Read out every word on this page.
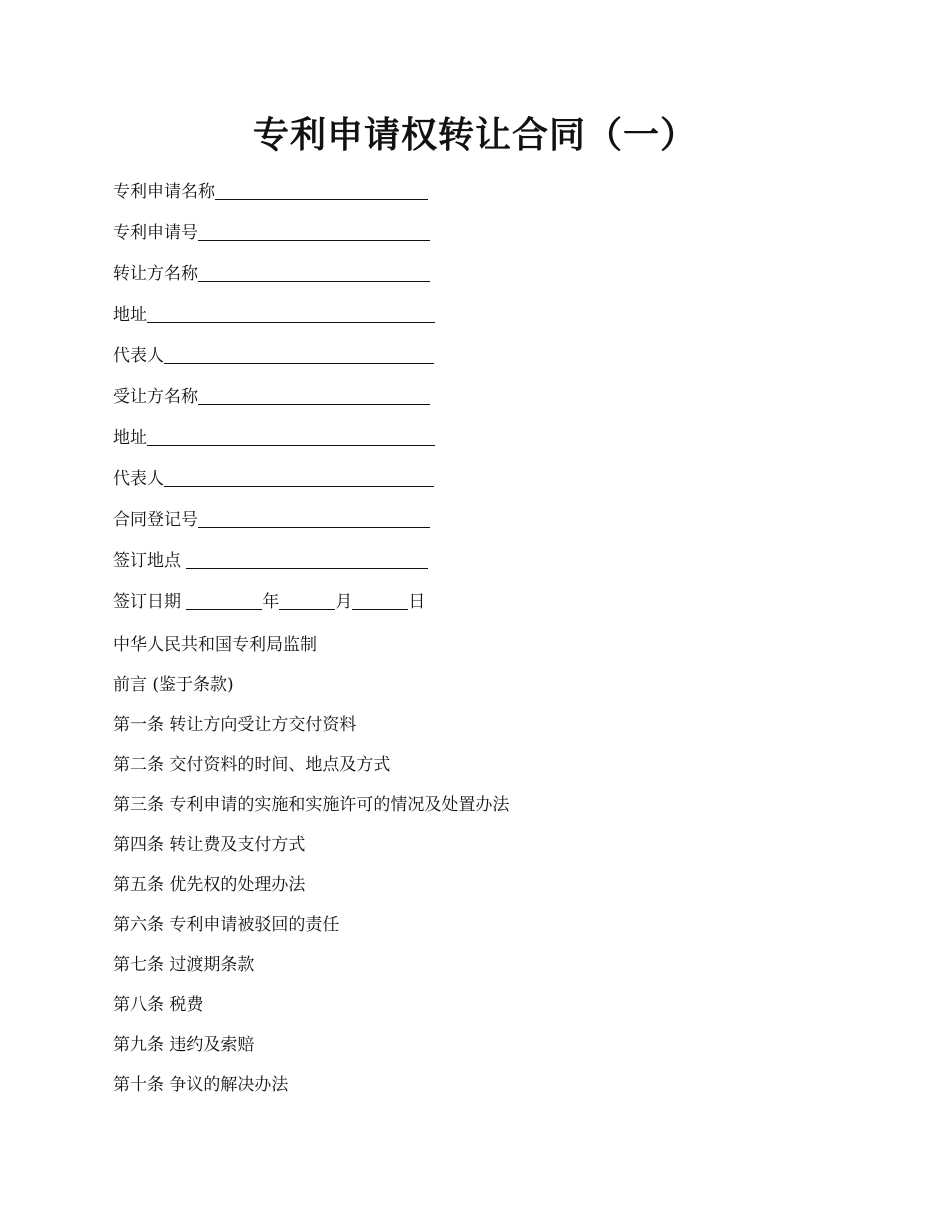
专利申请权转让合同（一）
专利申请名称
专利申请号
转让方名称
地址
代表人
受让方名称
地址
代表人
合同登记号
签订地点
签订日期	年	月	日
中华人民共和国专利局监制
前言 (鉴于条款)
第一条 转让方向受让方交付资料
第二条 交付资料的时间、地点及方式
第三条 专利申请的实施和实施许可的情况及处置办法
第四条 转让费及支付方式
第五条 优先权的处理办法
第六条 专利申请被驳回的责任
第七条 过渡期条款
第八条 税费
第九条 违约及索赔
第十条 争议的解决办法
